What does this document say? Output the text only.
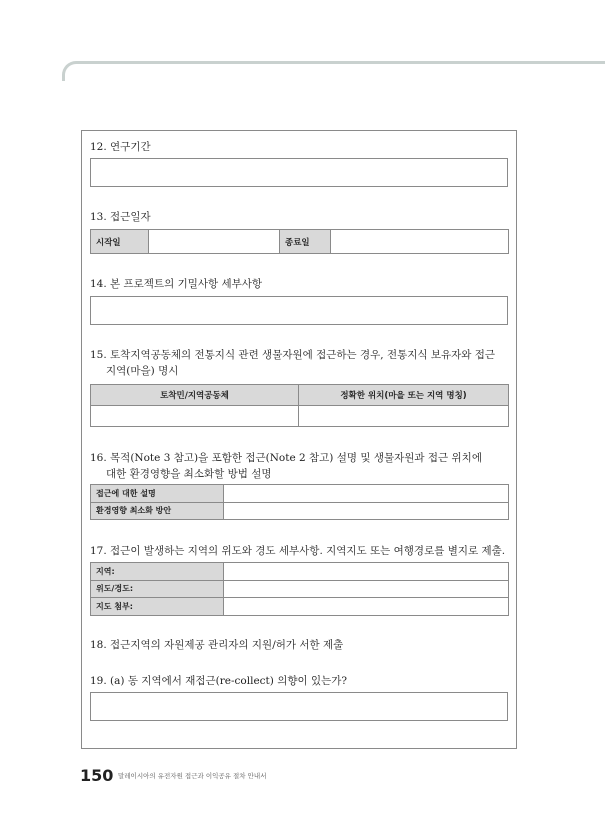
12. 연구기간
13. 접근일자
시작일		종료일	
14. 본 프로젝트의 기밀사항 세부사항
15. 토착지역공동체의 전통지식 관련 생물자원에 접근하는 경우, 전통지식 보유자와 접근
지역(마을) 명시
토착민/지역공동체	정확한 위치(마을 또는 지역 명칭)

16. 목적(Note 3 참고)을 포함한 접근(Note 2 참고) 설명 및 생물자원과 접근 위치에
대한 환경영향을 최소화할 방법 설명
접근에 대한 설명	
환경영향 최소화 방안	
17. 접근이 발생하는 지역의 위도와 경도 세부사항. 지역지도 또는 여행경로를 별지로 제출.
지역:	
위도/경도:	
지도 첨부:	
18. 접근지역의 자원제공 관리자의 지원/허가 서한 제출
19. (a) 동 지역에서 재접근(re-collect) 의향이 있는가?
150 말레이시아의 유전자원 접근과 이익공유 절차 안내서
